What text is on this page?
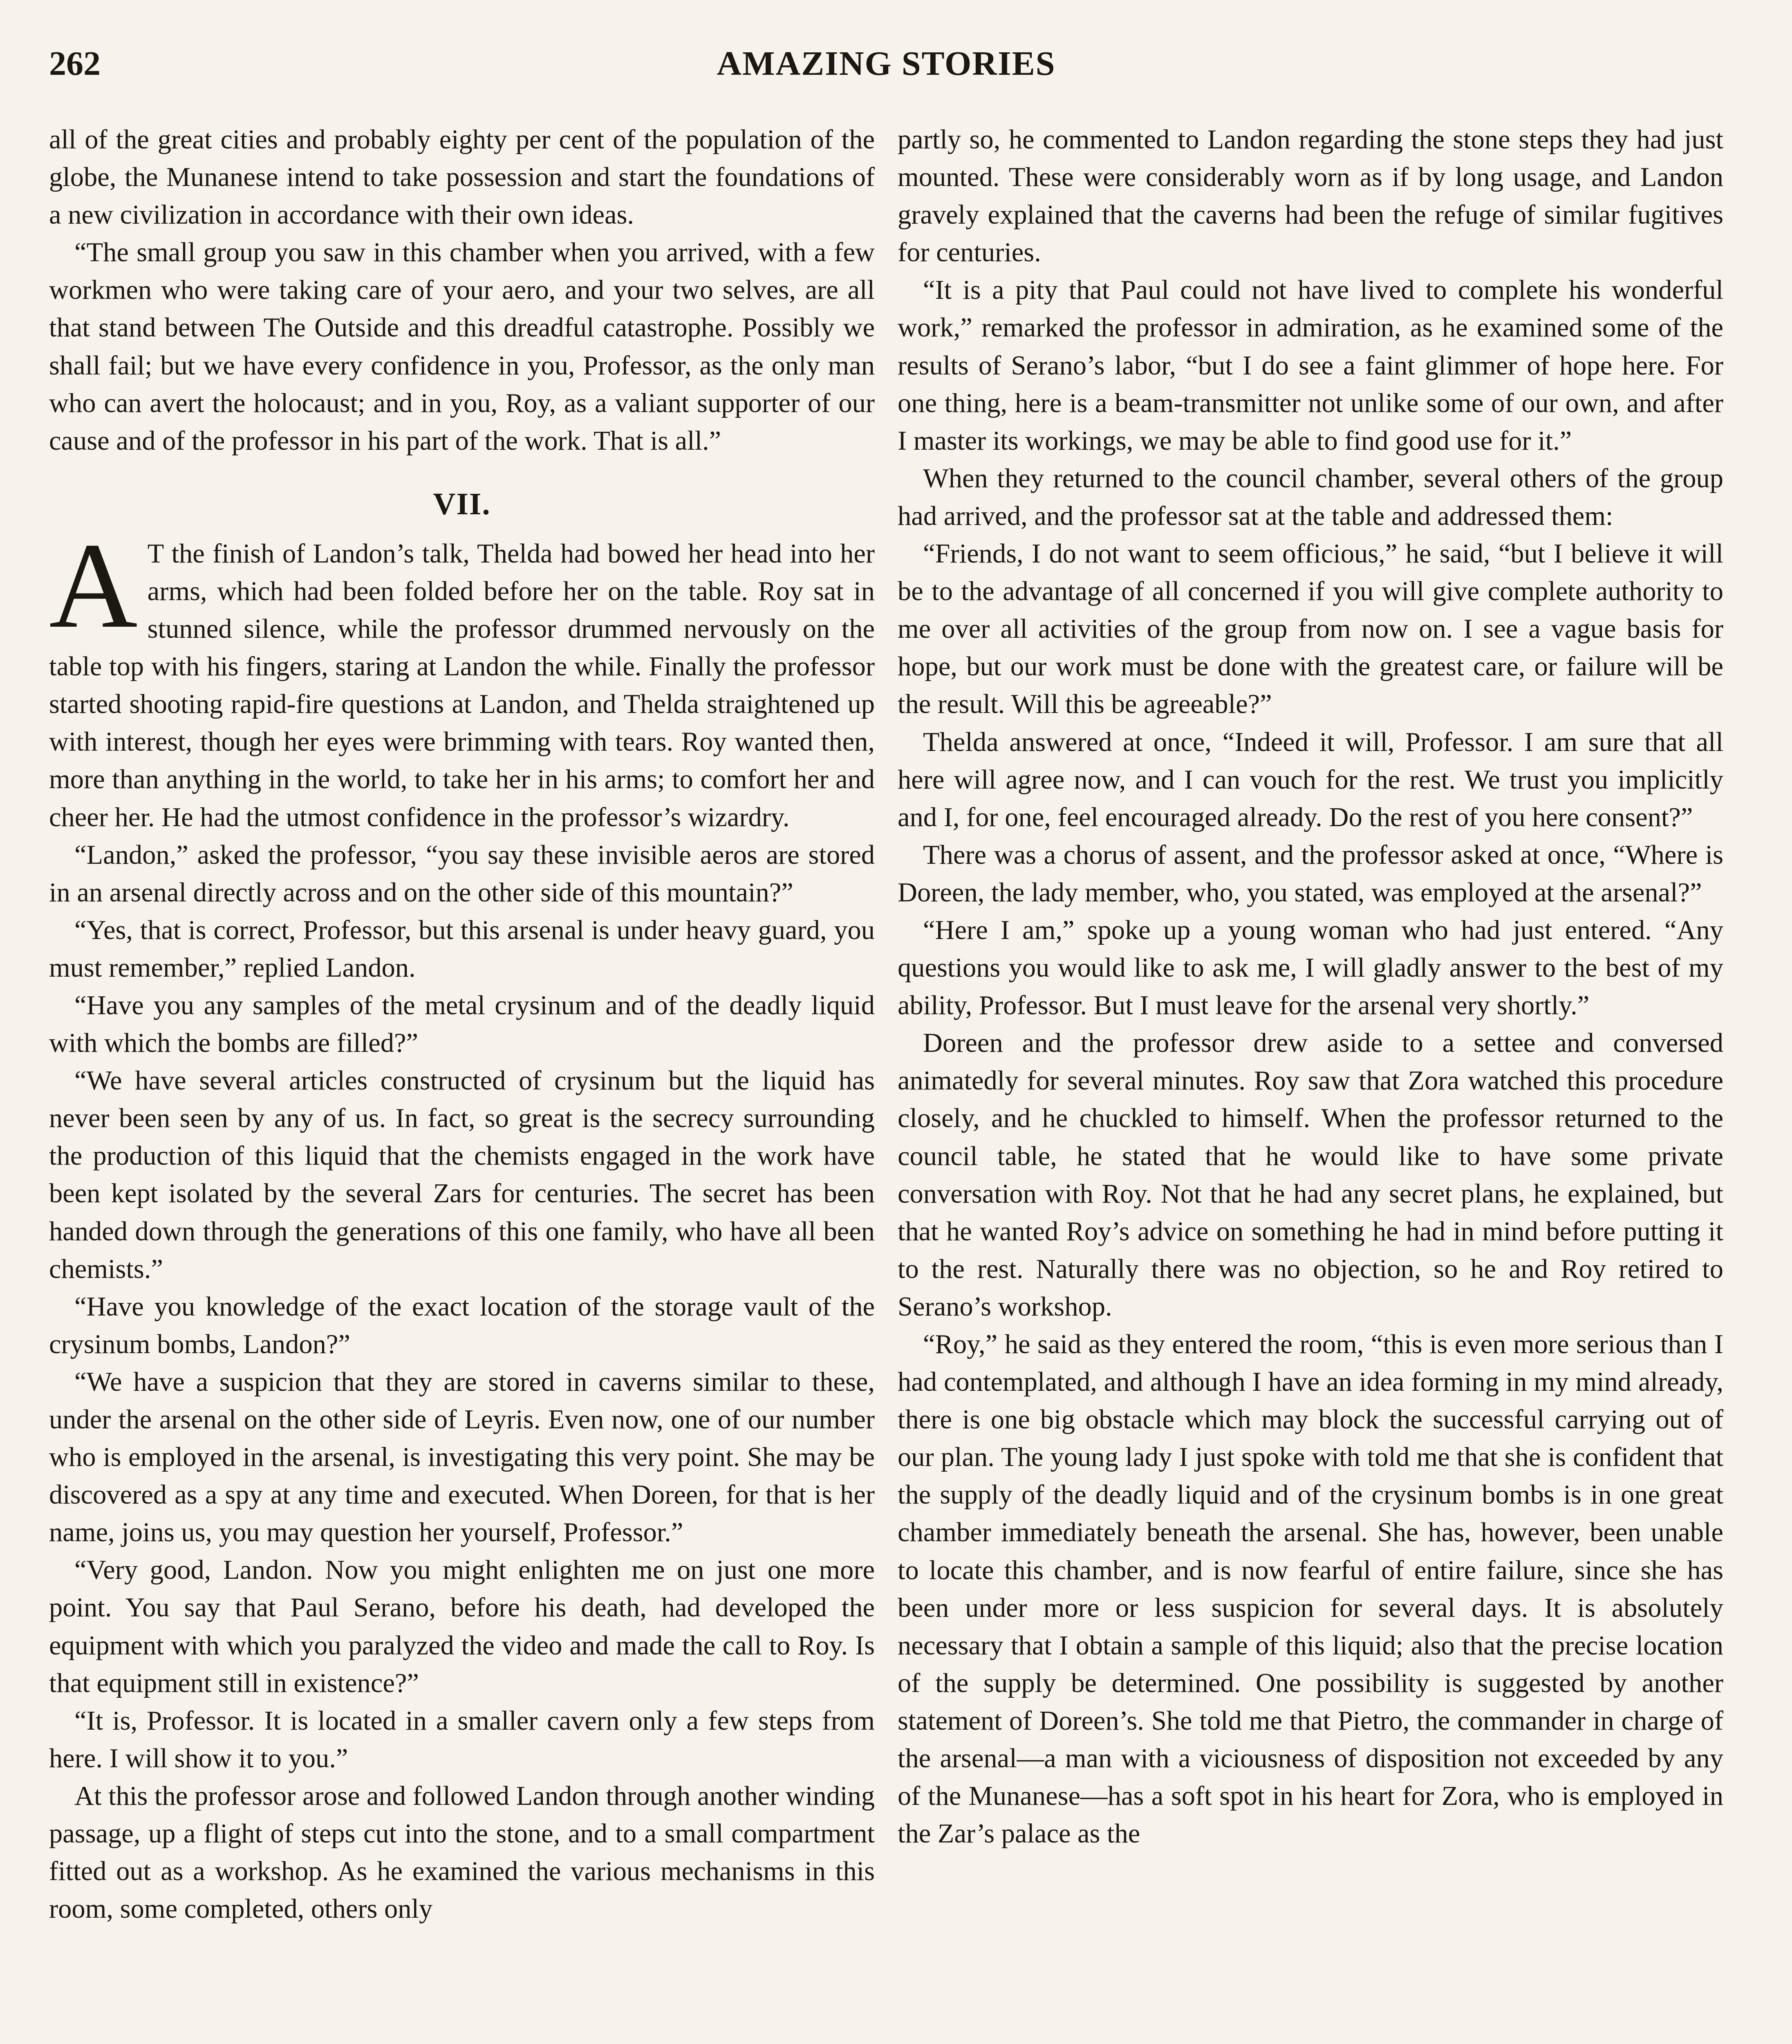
262	AMAZING STORIES

all of the great cities and probably eighty per cent of the population of the globe, the Munanese intend to take possession and start the foundations of a new civilization in accordance with their own ideas.

“The small group you saw in this chamber when you arrived, with a few workmen who were taking care of your aero, and your two selves, are all that stand between The Outside and this dreadful catastrophe. Possibly we shall fail; but we have every confidence in you, Professor, as the only man who can avert the holocaust; and in you, Roy, as a valiant supporter of our cause and of the professor in his part of the work. That is all.”

VII.

A T the finish of Landon’s talk, Thelda had bowed her head into her arms, which had been folded before her on the table. Roy sat in stunned silence, while the professor drummed nervously on the table top with his fingers, staring at Landon the while. Finally the professor started shooting rapid-fire questions at Landon, and Thelda straightened up with interest, though her eyes were brimming with tears. Roy wanted then, more than anything in the world, to take her in his arms; to comfort her and cheer her. He had the utmost confidence in the professor’s wizardry.

“Landon,” asked the professor, “you say these invisible aeros are stored in an arsenal directly across and on the other side of this mountain?”

“Yes, that is correct, Professor, but this arsenal is under heavy guard, you must remember,” replied Landon.

“Have you any samples of the metal crysinum and of the deadly liquid with which the bombs are filled?”

“We have several articles constructed of crysinum but the liquid has never been seen by any of us. In fact, so great is the secrecy surrounding the production of this liquid that the chemists engaged in the work have been kept isolated by the several Zars for centuries. The secret has been handed down through the generations of this one family, who have all been chemists.”

“Have you knowledge of the exact location of the storage vault of the crysinum bombs, Landon?”

“We have a suspicion that they are stored in caverns similar to these, under the arsenal on the other side of Leyris. Even now, one of our number who is employed in the arsenal, is investigating this very point. She may be discovered as a spy at any time and executed. When Doreen, for that is her name, joins us, you may question her yourself, Professor.”

“Very good, Landon. Now you might enlighten me on just one more point. You say that Paul Serano, before his death, had developed the equipment with which you paralyzed the video and made the call to Roy. Is that equipment still in existence?”

“It is, Professor. It is located in a smaller cavern only a few steps from here. I will show it to you.”

At this the professor arose and followed Landon through another winding passage, up a flight of steps cut into the stone, and to a small compartment fitted out as a workshop. As he examined the various mechanisms in this room, some completed, others only

partly so, he commented to Landon regarding the stone steps they had just mounted. These were considerably worn as if by long usage, and Landon gravely explained that the caverns had been the refuge of similar fugitives for centuries.

“It is a pity that Paul could not have lived to complete his wonderful work,” remarked the professor in admiration, as he examined some of the results of Serano’s labor, “but I do see a faint glimmer of hope here. For one thing, here is a beam-transmitter not unlike some of our own, and after I master its workings, we may be able to find good use for it.”

When they returned to the council chamber, several others of the group had arrived, and the professor sat at the table and addressed them:

“Friends, I do not want to seem officious,” he said, “but I believe it will be to the advantage of all concerned if you will give complete authority to me over all activities of the group from now on. I see a vague basis for hope, but our work must be done with the greatest care, or failure will be the result. Will this be agreeable?”

Thelda answered at once, “Indeed it will, Professor. I am sure that all here will agree now, and I can vouch for the rest. We trust you implicitly and I, for one, feel encouraged already. Do the rest of you here consent?”

There was a chorus of assent, and the professor asked at once, “Where is Doreen, the lady member, who, you stated, was employed at the arsenal?”

“Here I am,” spoke up a young woman who had just entered. “Any questions you would like to ask me, I will gladly answer to the best of my ability, Professor. But I must leave for the arsenal very shortly.”

Doreen and the professor drew aside to a settee and conversed animatedly for several minutes. Roy saw that Zora watched this procedure closely, and he chuckled to himself. When the professor returned to the council table, he stated that he would like to have some private conversation with Roy. Not that he had any secret plans, he explained, but that he wanted Roy’s advice on something he had in mind before putting it to the rest. Naturally there was no objection, so he and Roy retired to Serano’s workshop.

“Roy,” he said as they entered the room, “this is even more serious than I had contemplated, and although I have an idea forming in my mind already, there is one big obstacle which may block the successful carrying out of our plan. The young lady I just spoke with told me that she is confident that the supply of the deadly liquid and of the crysinum bombs is in one great chamber immediately beneath the arsenal. She has, however, been unable to locate this chamber, and is now fearful of entire failure, since she has been under more or less suspicion for several days. It is absolutely necessary that I obtain a sample of this liquid; also that the precise location of the supply be determined. One possibility is suggested by another statement of Doreen’s. She told me that Pietro, the commander in charge of the arsenal—a man with a viciousness of disposition not exceeded by any of the Munanese—has a soft spot in his heart for Zora, who is employed in the Zar’s palace as the
